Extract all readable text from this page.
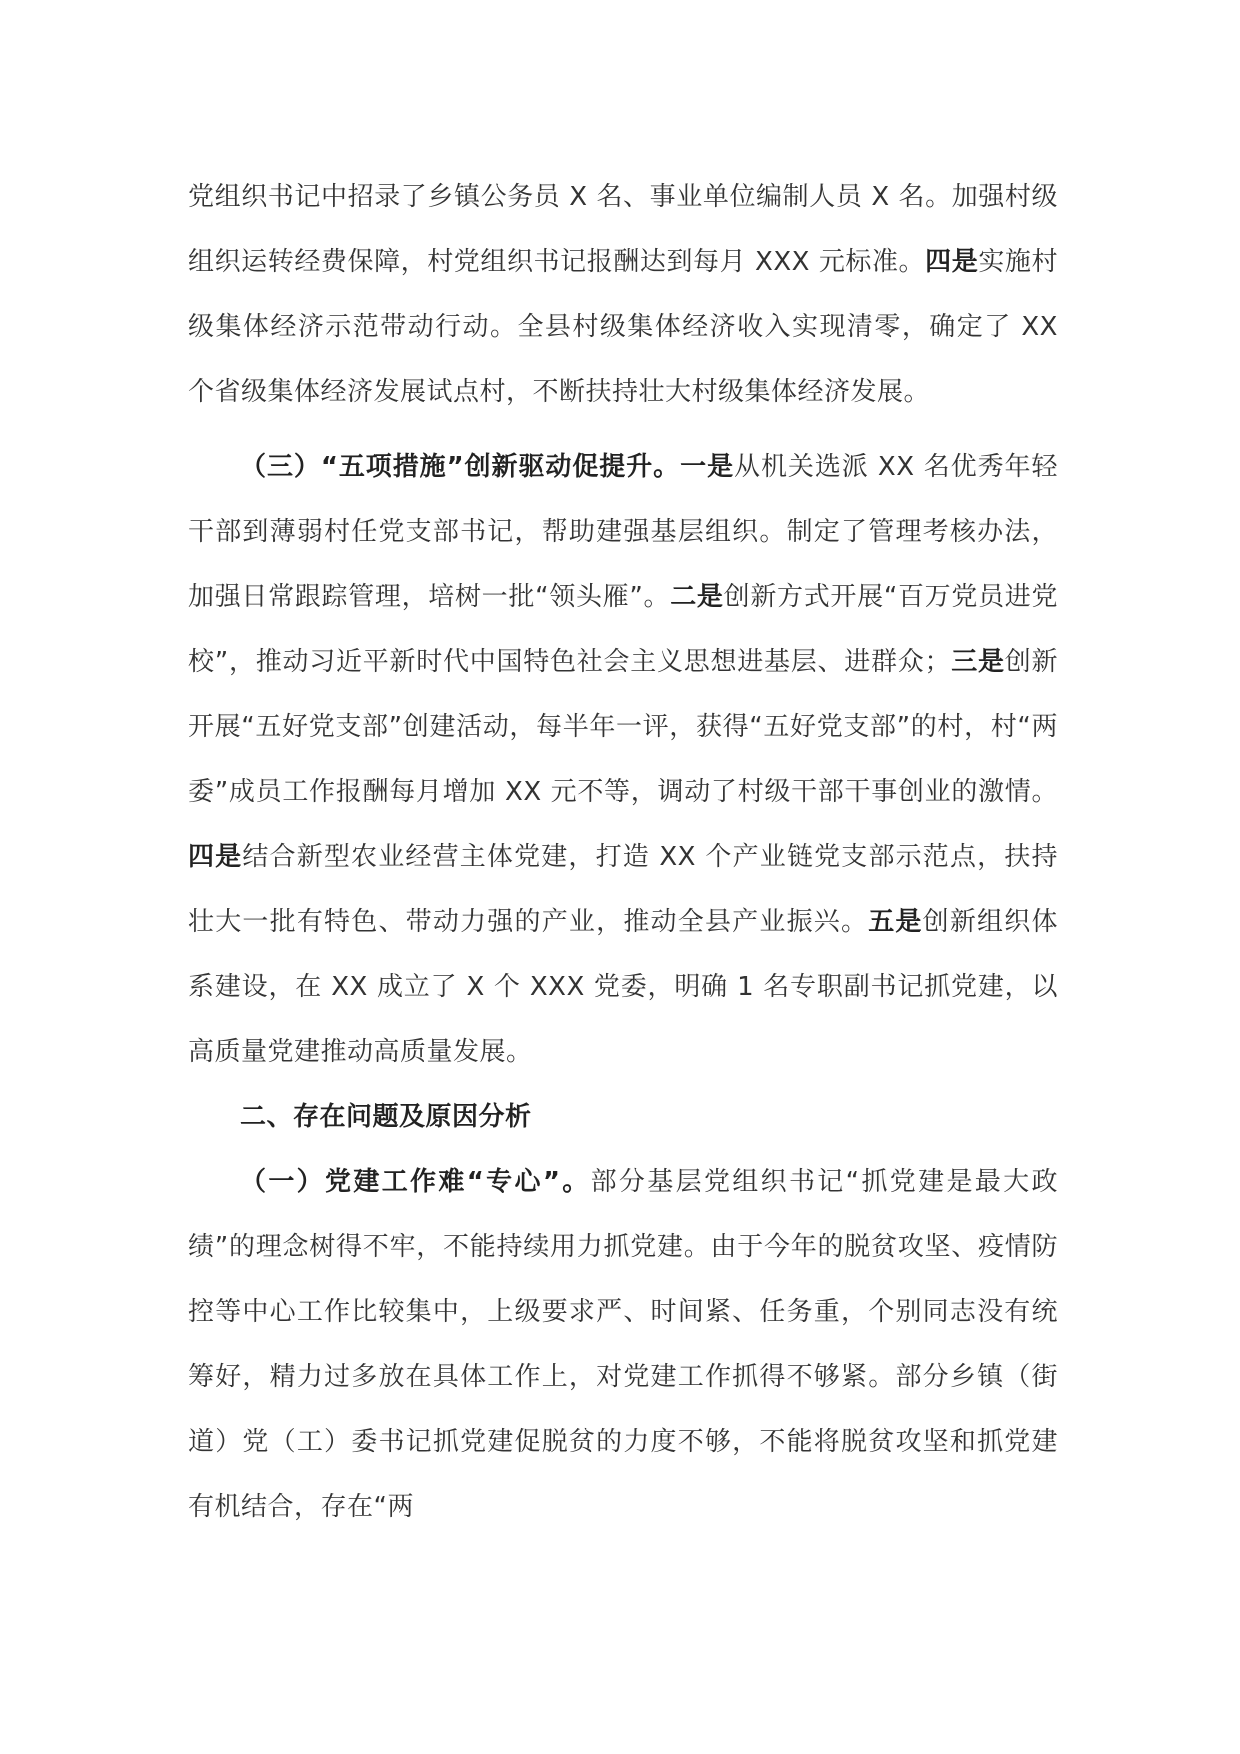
党组织书记中招录了乡镇公务员 X 名、事业单位编制人员 X 名。加强村级组织运转经费保障，村党组织书记报酬达到每月 XXX 元标准。四是实施村级集体经济示范带动行动。全县村级集体经济收入实现清零，确定了 XX 个省级集体经济发展试点村，不断扶持壮大村级集体经济发展。

（三）“五项措施”创新驱动促提升。一是从机关选派 XX 名优秀年轻干部到薄弱村任党支部书记，帮助建强基层组织。制定了管理考核办法，加强日常跟踪管理，培树一批“领头雁”。二是创新方式开展“百万党员进党校”，推动习近平新时代中国特色社会主义思想进基层、进群众；三是创新开展“五好党支部”创建活动，每半年一评，获得“五好党支部”的村，村“两委”成员工作报酬每月增加 XX 元不等，调动了村级干部干事创业的激情。四是结合新型农业经营主体党建，打造 XX 个产业链党支部示范点，扶持壮大一批有特色、带动力强的产业，推动全县产业振兴。五是创新组织体系建设，在 XX 成立了 X 个 XXX 党委，明确 1 名专职副书记抓党建，以高质量党建推动高质量发展。

二、存在问题及原因分析

（一）党建工作难“专心”。部分基层党组织书记“抓党建是最大政绩”的理念树得不牢，不能持续用力抓党建。由于今年的脱贫攻坚、疫情防控等中心工作比较集中，上级要求严、时间紧、任务重，个别同志没有统筹好，精力过多放在具体工作上，对党建工作抓得不够紧。部分乡镇（街道）党（工）委书记抓党建促脱贫的力度不够，不能将脱贫攻坚和抓党建有机结合，存在“两
